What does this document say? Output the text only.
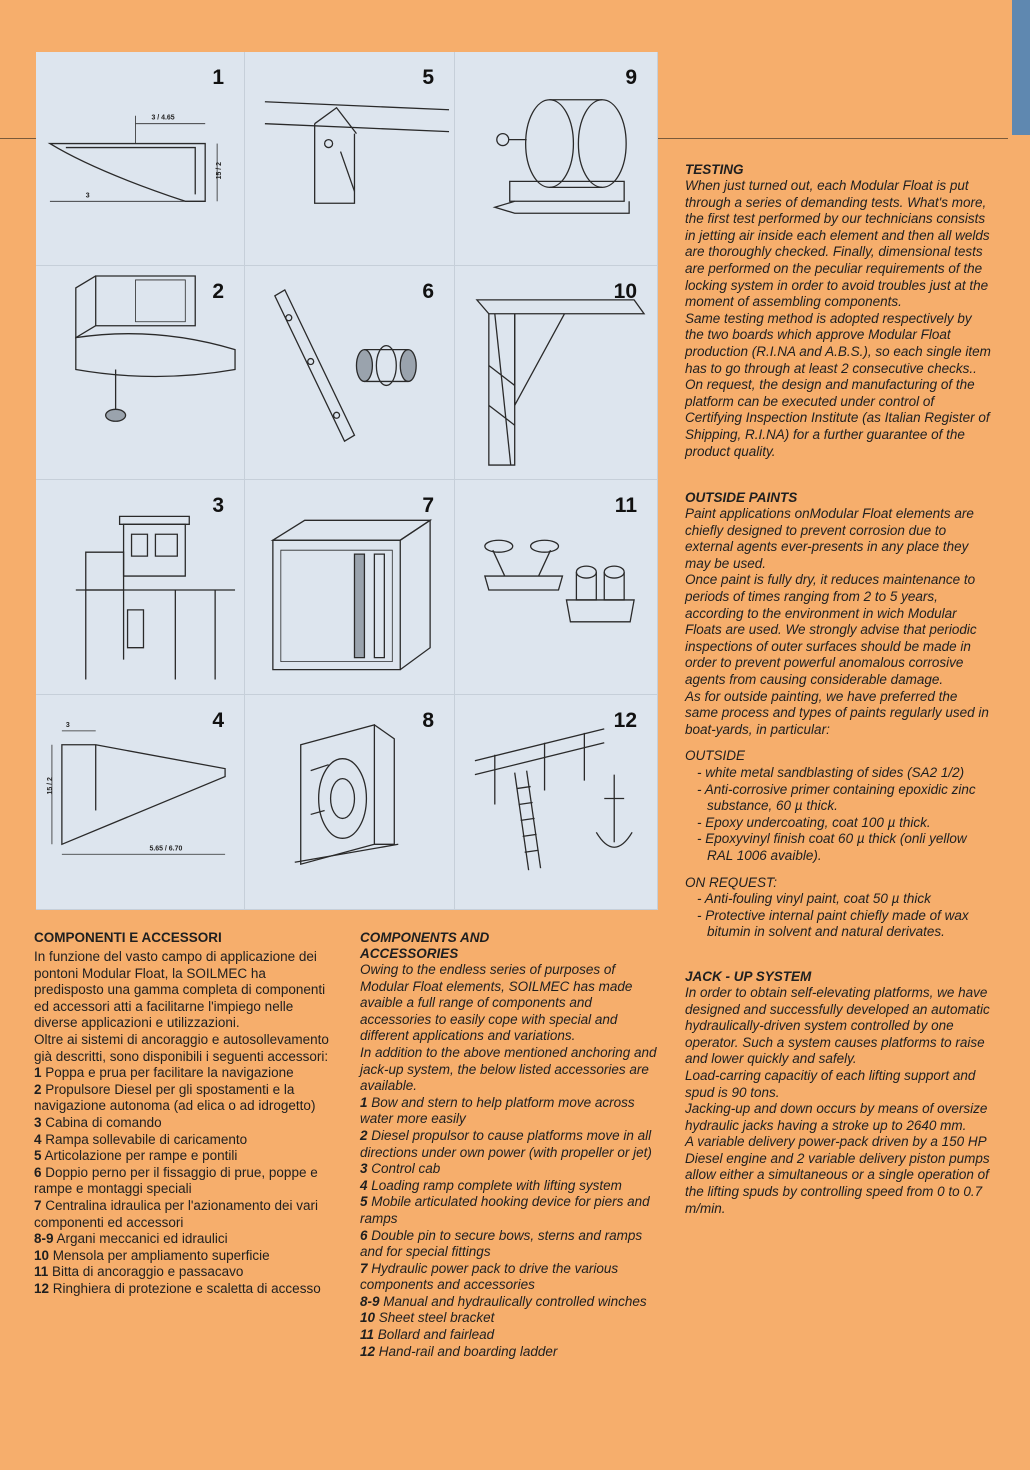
1
3 / 4.65
15 / 2
3
5	9
2	6	10
3	7	11
4
3
15 / 2
5.65 / 6.70
8	12
COMPONENTI E ACCESSORI

In funzione del vasto campo di applicazione dei pontoni Modular Float, la SOILMEC ha predisposto una gamma completa di componenti ed accessori atti a facilitarne l'impiego nelle diverse applicazioni e utilizzazioni.

Oltre ai sistemi di ancoraggio e autosollevamento già descritti, sono disponibili i seguenti accessori:

1 Poppa e prua per facilitare la navigazione

2 Propulsore Diesel per gli spostamenti e la navigazione autonoma (ad elica o ad idrogetto)

3 Cabina di comando

4 Rampa sollevabile di caricamento

5 Articolazione per rampe e pontili

6 Doppio perno per il fissaggio di prue, poppe e rampe e montaggi speciali

7 Centralina idraulica per l'azionamento dei vari componenti ed accessori

8-9 Argani meccanici ed idraulici

10 Mensola per ampliamento superficie

11 Bitta di ancoraggio e passacavo

12 Ringhiera di protezione e scaletta di accesso

COMPONENTS AND ACCESSORIES

Owing to the endless series of purposes of Modular Float elements, SOILMEC has made avaible a full range of components and accessories to easily cope with special and different applications and variations.

In addition to the above mentioned anchoring and jack-up system, the below listed accessories are available.

1 Bow and stern to help platform move across water more easily

2 Diesel propulsor to cause platforms move in all directions under own power (with propeller or jet)

3 Control cab

4 Loading ramp complete with lifting system

5 Mobile articulated hooking device for piers and ramps

6 Double pin to secure bows, sterns and ramps and for special fittings

7 Hydraulic power pack to drive the various components and accessories

8-9 Manual and hydraulically controlled winches

10 Sheet steel bracket

11 Bollard and fairlead

12 Hand-rail and boarding ladder

TESTING

When just turned out, each Modular Float is put through a series of demanding tests. What's more, the first test performed by our technicians consists in jetting air inside each element and then all welds are thoroughly checked. Finally, dimensional tests are performed on the peculiar requirements of the locking system in order to avoid troubles just at the moment of assembling components.

Same testing method is adopted respectively by the two boards which approve Modular Float production (R.I.NA and A.B.S.), so each single item has to go through at least 2 consecutive checks..

On request, the design and manufacturing of the platform can be executed under control of Certifying Inspection Institute (as Italian Register of Shipping, R.I.NA) for a further guarantee of the product quality.

OUTSIDE PAINTS

Paint applications onModular Float elements are chiefly designed to prevent corrosion due to external agents ever-presents in any place they may be used.

Once paint is fully dry, it reduces maintenance to periods of times ranging from 2 to 5 years, according to the environment in wich Modular Floats are used. We strongly advise that periodic inspections of outer surfaces should be made in order to prevent powerful anomalous corrosive agents from causing considerable damage.

As for outside painting, we have preferred the same process and types of paints regularly used in boat-yards, in particular:

OUTSIDE

- white metal sandblasting of sides (SA2 1/2)

- Anti-corrosive primer containing epoxidic zinc substance, 60 µ thick.

- Epoxy undercoating, coat 100 µ thick.

- Epoxyvinyl finish coat 60 µ thick (onli yellow RAL 1006 avaible).

ON REQUEST:

- Anti-fouling vinyl paint, coat 50 µ thick

- Protective internal paint chiefly made of wax bitumin in solvent and natural derivates.

JACK - UP SYSTEM

In order to obtain self-elevating platforms, we have designed and successfully developed an automatic hydraulically-driven system controlled by one operator. Such a system causes platforms to raise and lower quickly and safely.

Load-carring capacitiy of each lifting support and spud is 90 tons.

Jacking-up and down occurs by means of oversize hydraulic jacks having a stroke up to 2640 mm.

A variable delivery power-pack driven by a 150 HP Diesel engine and 2 variable delivery piston pumps allow either a simultaneous or a single operation of the lifting spuds by controlling speed from 0 to 0.7 m/min.
